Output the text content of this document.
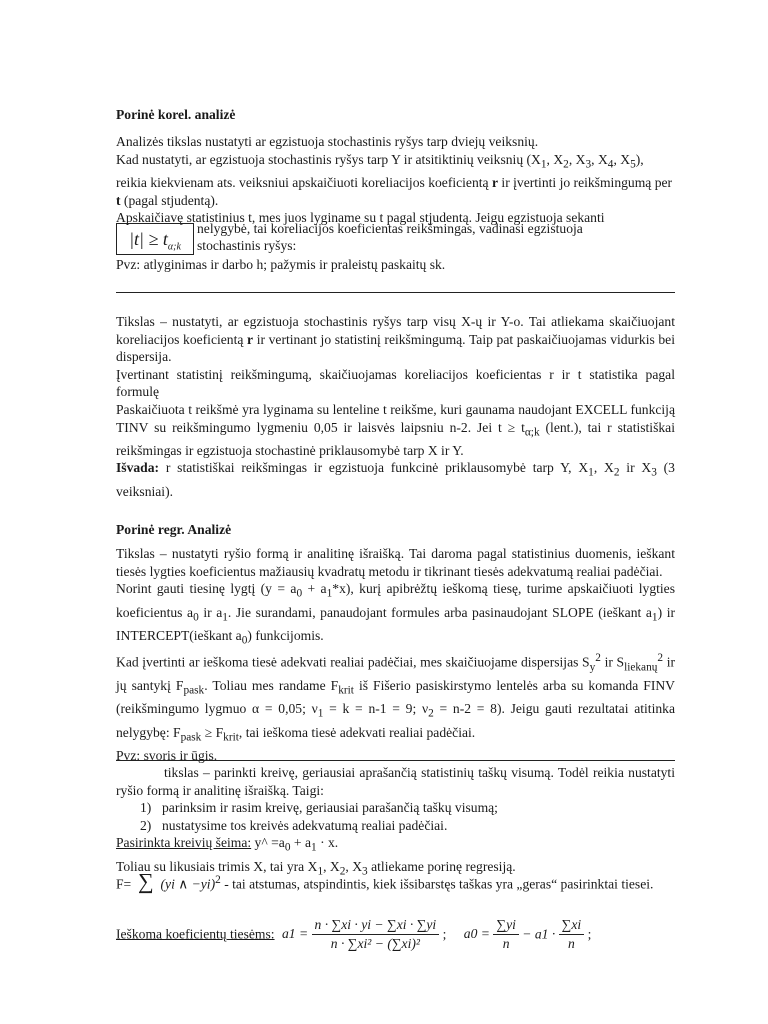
Porinė korel. analizė

Analizės tikslas nustatyti ar egzistuoja stochastinis ryšys tarp dviejų veiksnių.

Kad nustatyti, ar egzistuoja stochastinis ryšys tarp Y ir atsitiktinių veiksnių ($X_1$, $X_2$, $X_3$, $X_4$, $X_5$), reikia kiekvienam ats. veiksniui apskaičiuoti koreliacijos koeficientą r ir įvertinti jo reikšmingumą per t (pagal stjudentą).

Apskaičiavę statistinius t, mes juos lyginame su t pagal stjudentą. Jeigu egzistuoja sekanti

$|t| \ge t_{\alpha;k}$

nelygybė, tai koreliacijos koeficientas reikšmingas, vadinasi egzistuoja

stochastinis ryšys:

Pvz: atlyginimas ir darbo h; pažymis ir praleistų paskaitų sk.

Tikslas – nustatyti, ar egzistuoja stochastinis ryšys tarp visų X-ų ir Y-o. Tai atliekama skaičiuojant koreliacijos koeficientą r ir vertinant jo statistinį reikšmingumą. Taip pat paskaičiuojamas vidurkis bei dispersija.

Įvertinant statistinį reikšmingumą, skaičiuojamas koreliacijos koeficientas r ir t statistika pagal formulę

Paskaičiuota t reikšmė yra lyginama su lenteline t reikšme, kuri gaunama naudojant EXCELL funkciją TINV su reikšmingumo lygmeniu 0,05 ir laisvės laipsniu n-2. Jei $t \ge t_{\alpha;k}$ (lent.), tai r statistiškai reikšmingas ir egzistuoja stochastinė priklausomybė tarp X ir Y.

Išvada: r statistiškai reikšmingas ir egzistuoja funkcinė priklausomybė tarp Y, $X_1$, $X_2$ ir $X_3$ (3 veiksniai).

Porinė regr. Analizė

Tikslas – nustatyti ryšio formą ir analitinę išraišką. Tai daroma pagal statistinius duomenis, ieškant tiesės lygties koeficientus mažiausių kvadratų metodu ir tikrinant tiesės adekvatumą realiai padėčiai.

Norint gauti tiesinę lygtį $(y = a_0 + a_1*x)$, kurį apibrėžtų ieškomą tiesę, turime apskaičiuoti lygties koeficientus $a_0$ ir $a_1$. Jie surandami, panaudojant formules arba pasinaudojant SLOPE (ieškant $a_1$) ir INTERCEPT(ieškant $a_0$) funkcijomis.

Kad įvertinti ar ieškoma tiesė adekvati realiai padėčiai, mes skaičiuojame dispersijas $S_y^2$ ir $S_{liekanų}^2$ ir jų santykį $F_{pask}$. Toliau mes randame $F_{krit}$ iš Fišerio pasiskirstymo lentelės arba su komanda FINV (reikšmingumo lygmuo α = 0,05; $\nu_1 = k = n-1 = 9$; $\nu_2 = n-2 = 8$). Jeigu gauti rezultatai atitinka nelygybę: $F_{pask} \ge F_{krit}$, tai ieškoma tiesė adekvati realiai padėčiai.

Pvz: svoris ir ūgis.

tikslas – parinkti kreivę, geriausiai aprašančią statistinių taškų visumą. Todėl reikia nustatyti ryšio formą ir analitinę išraišką. Taigi:

1) parinksim ir rasim kreivę, geriausiai parašančią taškų visumą;
2) nustatysime tos kreivės adekvatumą realiai padėčiai.

Pasirinkta kreivių šeima: y^ $=a_0 + a_1 \cdot x$.

Toliau su likusiais trimis X, tai yra $X_1$, $X_2$, $X_3$ atliekame porinę regresiją.

F= ∑ (yi ∧ −yi)$^2$ - tai atstumas, atspindintis, kiek išsibarstęs taškas yra „geras“ pasirinktai tiesei.

Ieškoma koeficientų tiesėms: $a1 = \frac{n \cdot \sum xi \cdot yi - \sum xi \cdot \sum yi}{\text{n · ∑xi² − (∑xi)²}}$ ; $a0 = \frac{\sum yi}{n} - a1 \cdot \frac{\sum xi}{n}$ ;
